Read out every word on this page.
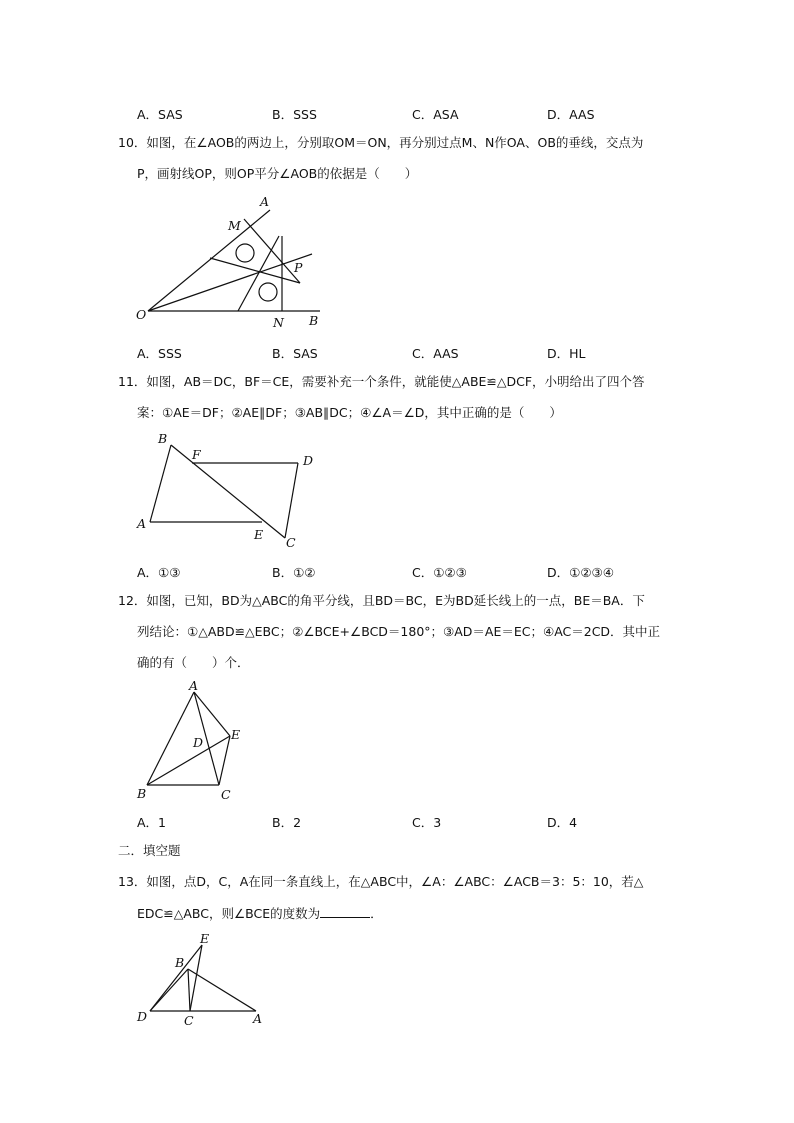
A．SAS	B．SSS	C．ASA	D．AAS
10．如图，在∠AOB的两边上，分别取OM＝ON，再分别过点M、N作OA、OB的垂线，交点为
P，画射线OP，则OP平分∠AOB的依据是（　　）
A
M
P
O
N B
A．SSS	B．SAS	C．AAS	D．HL
11．如图，AB＝DC，BF＝CE，需要补充一个条件，就能使△ABE≌△DCF，小明给出了四个答
案：①AE＝DF；②AE∥DF；③AB∥DC；④∠A＝∠D，其中正确的是（　　）
B
F	D
A
E
C
A．①③	B．①②	C．①②③	D．①②③④
12．如图，已知，BD为△ABC的角平分线，且BD＝BC，E为BD延长线上的一点，BE＝BA．下
列结论：①△ABD≌△EBC；②∠BCE+∠BCD＝180°；③AD＝AE＝EC；④AC＝2CD．其中正
确的有（　　）个．
A
E
D
B	C
A．1	B．2	C．3	D．4
二．填空题
13．如图，点D，C，A在同一条直线上，在△ABC中，∠A：∠ABC：∠ACB＝3：5：10，若△
EDC≌△ABC，则∠BCE的度数为	．
E
B
D	C	A
